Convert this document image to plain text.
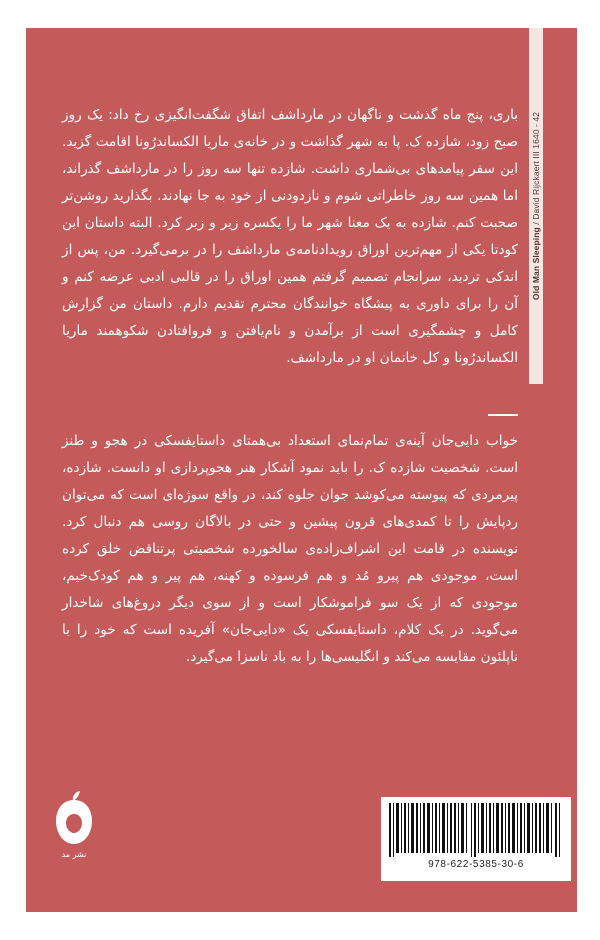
Old Man Sleeping / David Rijckaert III 1640 - 42

باری، پنج ماه گذشت و ناگهان در مارداشف اتفاق شگفت‌انگیزی رخ داد: یک روز صبح زود، شازده ک. پا به شهر گذاشت و در خانه‌ی ماریا الکساندرُونا اقامت گزید. این سفر پیامدهای بی‌شماری داشت. شازده تنها سه روز را در مارداشف گذراند، اما همین سه روز خاطراتی شوم و نازدودنی از خود به جا نهادند. بگذارید روشن‌تر صحبت کنم. شازده به یک معنا شهر ما را یکسره زیر و زبر کرد. البته داستان این کودتا یکی از مهم‌ترین اوراق رویدادنامه‌ی مارداشف را در برمی‌گیرد. من، پس از اندکی تردید، سرانجام تصمیم گرفتم همین اوراق را در قالبی ادبی عرضه کنم و آن را برای داوری به پیشگاه خوانندگان محترم تقدیم دارم. داستان من گزارش کامل و چشمگیری است از برآمدن و نام‌یافتن و فروافتادن شکوهمند ماریا الکساندرُونا و کل خانمان او در مارداشف.

خواب دایی‌جان آینه‌ی تمام‌نمای استعداد بی‌همتای داستایفسکی در هجو و طنز است. شخصیت شازده ک. را باید نمود آشکار هنر هجوپردازی او دانست. شازده، پیرمردی که پیوسته می‌کوشد جوان جلوه کند، در واقع سوژه‌ای است که می‌توان ردپایش را تا کمدی‌های قرون پیشین و حتی در بالاگان روسی هم دنبال کرد. نویسنده در قامت این اشراف‌زاده‌ی سالخورده شخصیتی پرتناقض خلق کرده است، موجودی هم پیرو مُد و هم فرسوده و کهنه، هم پیر و هم کودک‌خیم، موجودی که از یک سو فراموشکار است و از سوی دیگر دروغ‌های شاخدار می‌گوید. در یک کلام، داستایفسکی یک «دایی‌جان» آفریده است که خود را با ناپلئون مقایسه می‌کند و انگلیسی‌ها را به باد ناسزا می‌گیرد.

نشر مد
978-622-5385-30-6
